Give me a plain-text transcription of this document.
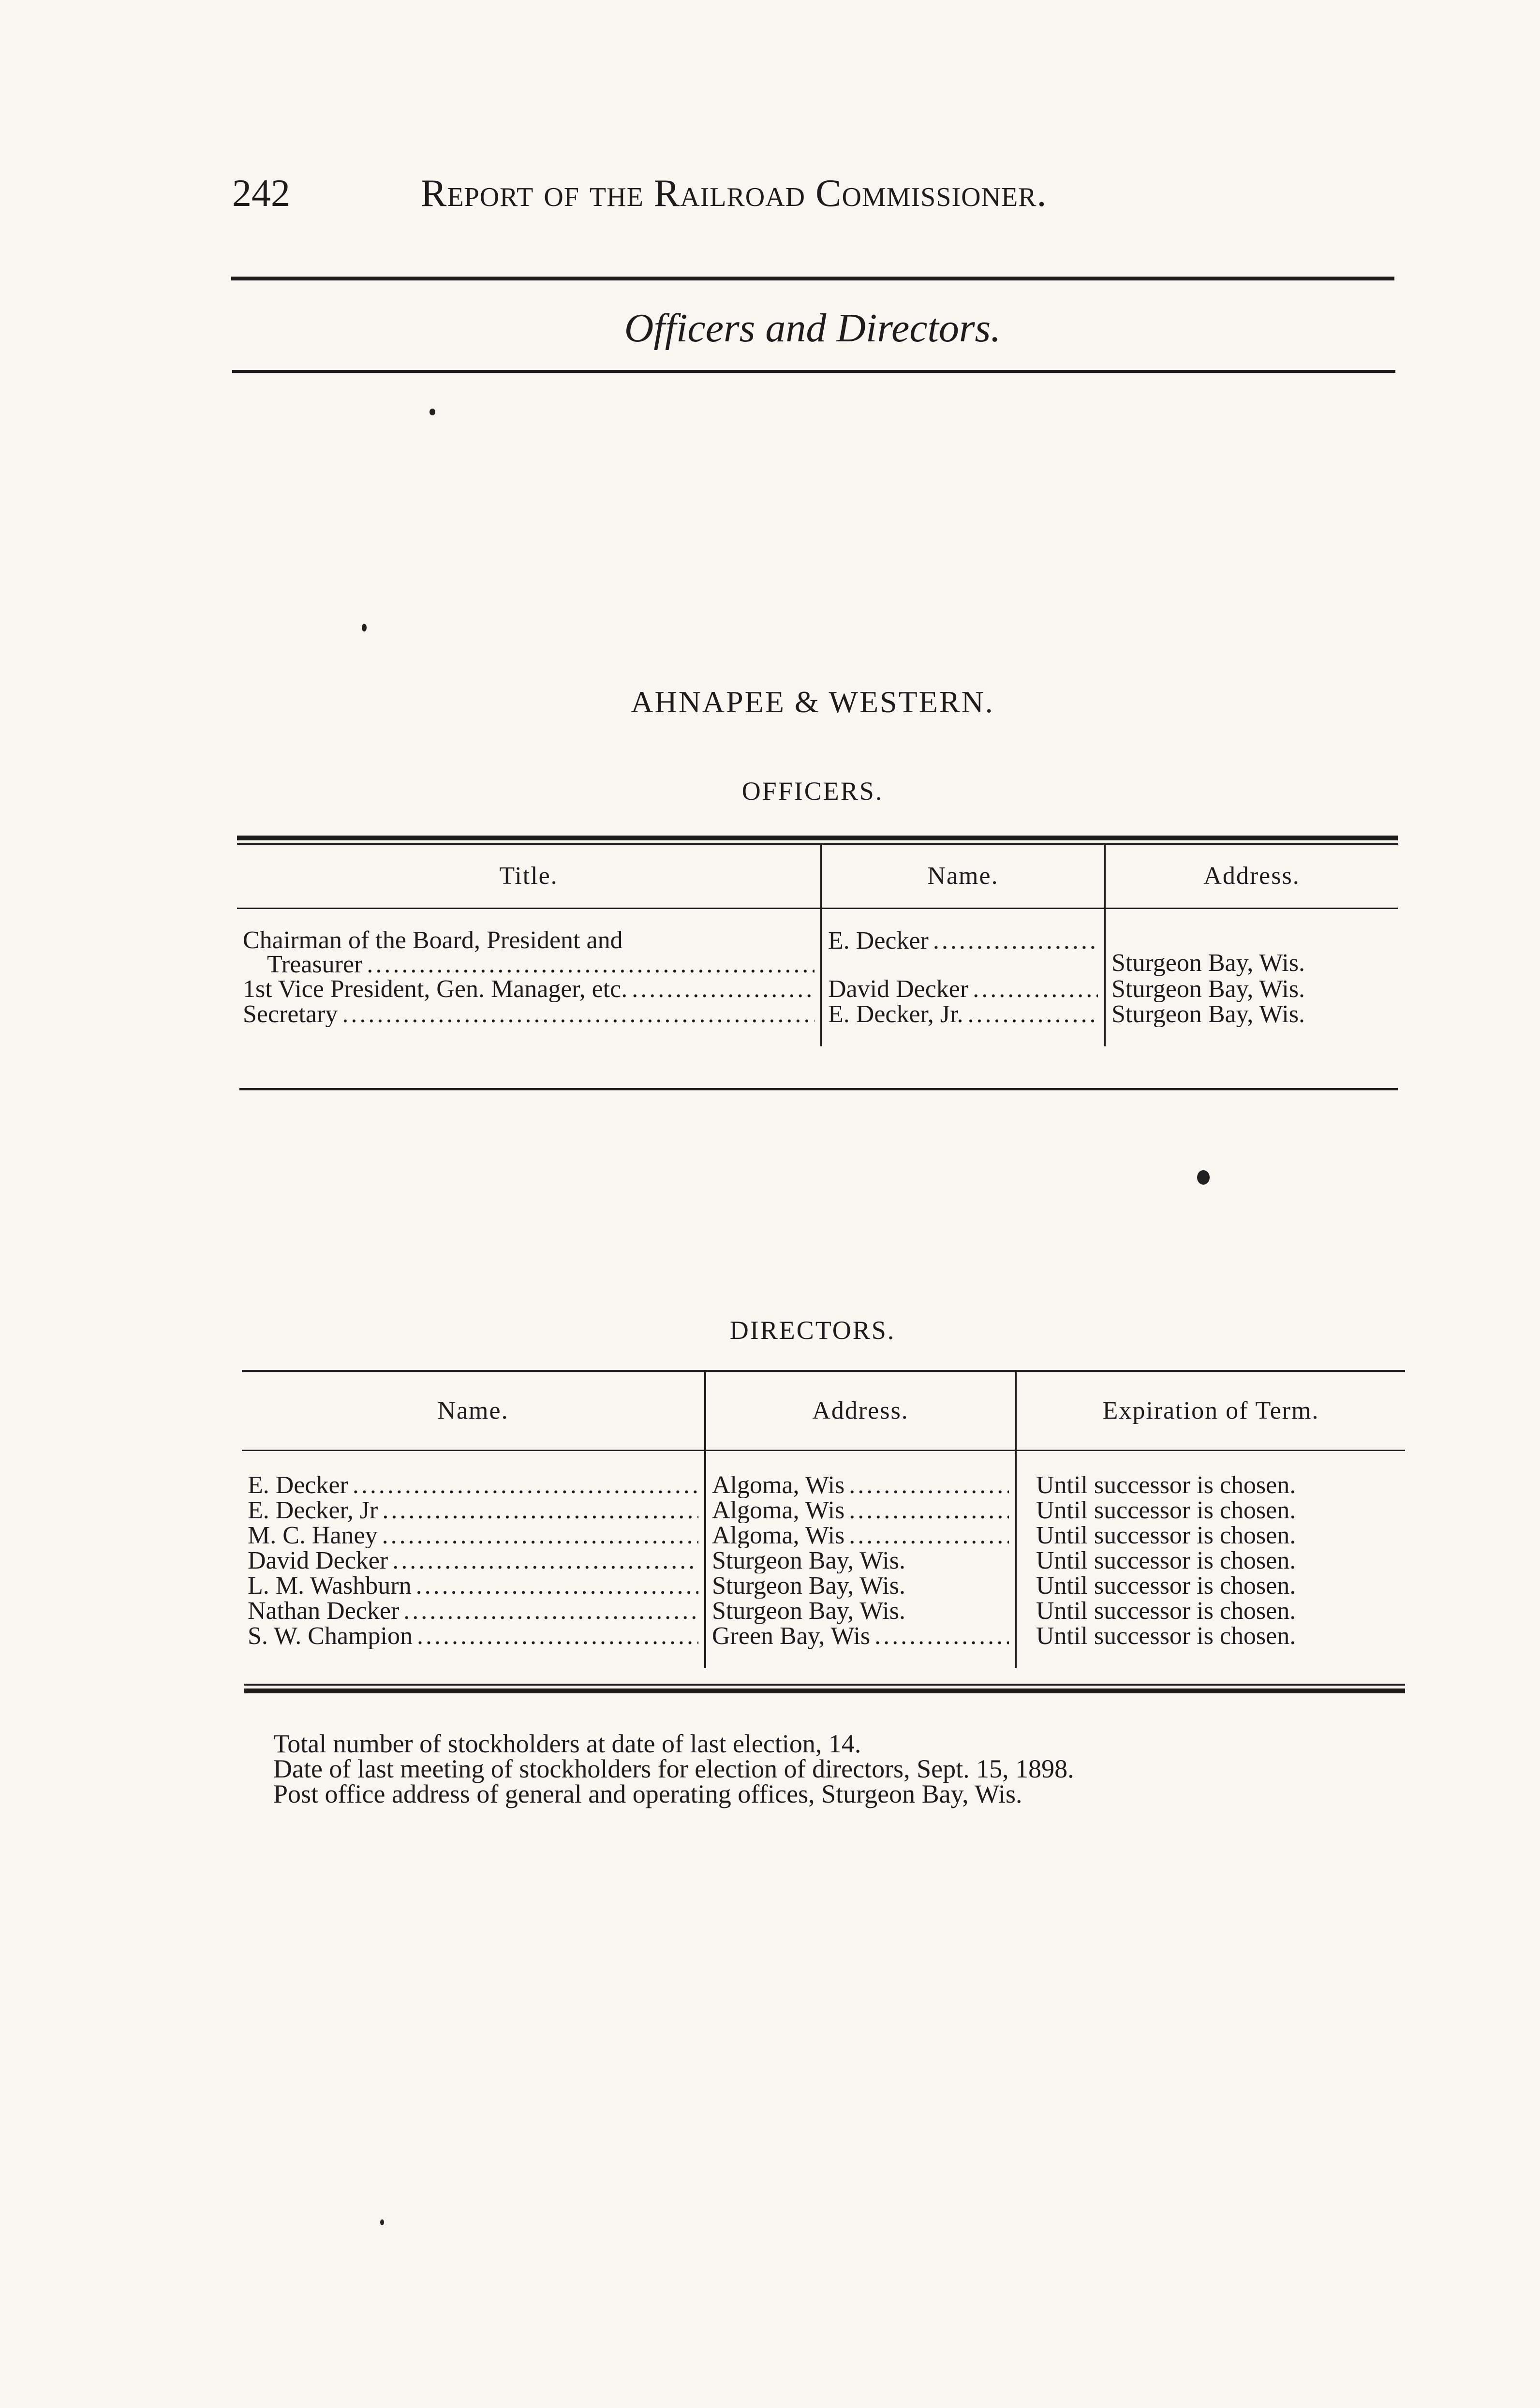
242	Report of the Railroad Commissioner.
Officers and Directors.
AHNAPEE & WESTERN.
OFFICERS.
Title.	Name.	Address.

Chairman of the Board, President and
Treasurer . . .	E. Decker . . .	Sturgeon Bay, Wis.

1st Vice President, Gen. Manager, etc. . . .	David Decker . . .	Sturgeon Bay, Wis.

Secretary . . .	E. Decker, Jr. . . .	Sturgeon Bay, Wis.

DIRECTORS.
Name.	Address.	Expiration of Term.

E. Decker . . .	Algoma, Wis . . .	Until successor is chosen.

E. Decker, Jr . . .	Algoma, Wis . . .	Until successor is chosen.

M. C. Haney . . .	Algoma, Wis . . .	Until successor is chosen.

David Decker . . .	Sturgeon Bay, Wis.	Until successor is chosen.

L. M. Washburn . . .	Sturgeon Bay, Wis.	Until successor is chosen.

Nathan Decker . . .	Sturgeon Bay, Wis.	Until successor is chosen.

S. W. Champion . . .	Green Bay, Wis . . .	Until successor is chosen.

Total number of stockholders at date of last election, 14.
Date of last meeting of stockholders for election of directors, Sept. 15, 1898.
Post office address of general and operating offices, Sturgeon Bay, Wis.
